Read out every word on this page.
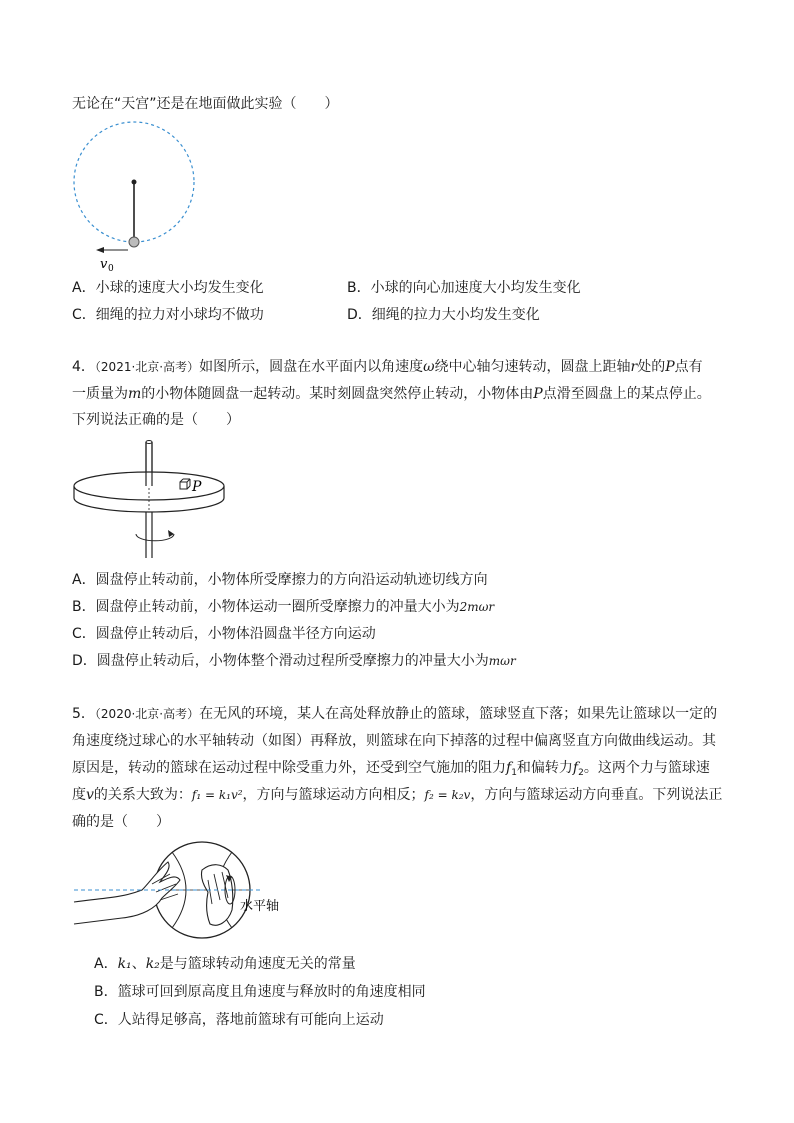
无论在“天宫”还是在地面做此实验（　　）
v 0
A．小球的速度大小均发生变化	B．小球的向心加速度大小均发生变化
C．细绳的拉力对小球均不做功	D．细绳的拉力大小均发生变化
4．（2021·北京·高考）如图所示，圆盘在水平面内以角速度ω绕中心轴匀速转动，圆盘上距轴r处的P点有
一质量为m的小物体随圆盘一起转动。某时刻圆盘突然停止转动，小物体由P点滑至圆盘上的某点停止。
下列说法正确的是（　　）
P
A．圆盘停止转动前，小物体所受摩擦力的方向沿运动轨迹切线方向
B．圆盘停止转动前，小物体运动一圈所受摩擦力的冲量大小为2mωr
C．圆盘停止转动后，小物体沿圆盘半径方向运动
D．圆盘停止转动后，小物体整个滑动过程所受摩擦力的冲量大小为mωr
5．（2020·北京·高考）在无风的环境，某人在高处释放静止的篮球，篮球竖直下落；如果先让篮球以一定的
角速度绕过球心的水平轴转动（如图）再释放，则篮球在向下掉落的过程中偏离竖直方向做曲线运动。其
原因是，转动的篮球在运动过程中除受重力外，还受到空气施加的阻力$f_1$和偏转力$f_2$。这两个力与篮球速
度v的关系大致为：f₁ = k₁v²，方向与篮球运动方向相反；f₂ = k₂v，方向与篮球运动方向垂直。下列说法正
确的是（　　）
水平轴
A．k₁、k₂是与篮球转动角速度无关的常量
B．篮球可回到原高度且角速度与释放时的角速度相同
C．人站得足够高，落地前篮球有可能向上运动
